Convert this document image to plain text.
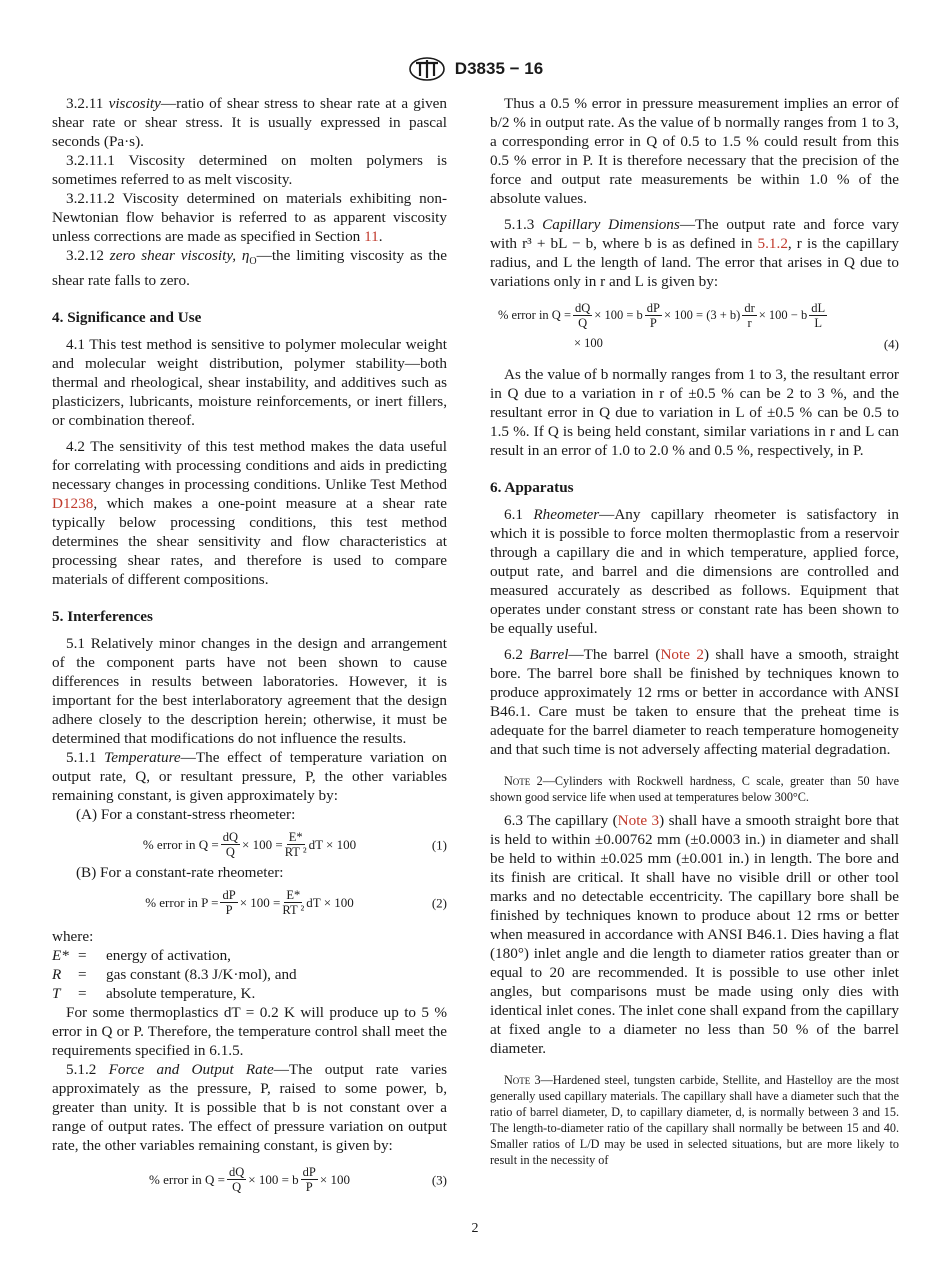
D3835 − 16

3.2.11 viscosity—ratio of shear stress to shear rate at a given shear rate or shear stress. It is usually expressed in pascal seconds (Pa·s).

3.2.11.1 Viscosity determined on molten polymers is sometimes referred to as melt viscosity.

3.2.11.2 Viscosity determined on materials exhibiting non-Newtonian flow behavior is referred to as apparent viscosity unless corrections are made as specified in Section 11.

3.2.12 zero shear viscosity, $\eta_O—the$ limiting viscosity as the shear rate falls to zero.

4. Significance and Use

4.1 This test method is sensitive to polymer molecular weight and molecular weight distribution, polymer stability—both thermal and rheological, shear instability, and additives such as plasticizers, lubricants, moisture reinforcements, or inert fillers, or combination thereof.

4.2 The sensitivity of this test method makes the data useful for correlating with processing conditions and aids in predicting necessary changes in processing conditions. Unlike Test Method D1238, which makes a one-point measure at a shear rate typically below processing conditions, this test method determines the shear sensitivity and flow characteristics at processing shear rates, and therefore is used to compare materials of different compositions.

5. Interferences

5.1 Relatively minor changes in the design and arrangement of the component parts have not been shown to cause differences in results between laboratories. However, it is important for the best interlaboratory agreement that the design adhere closely to the description herein; otherwise, it must be determined that modifications do not influence the results.

5.1.1 Temperature—The effect of temperature variation on output rate, Q, or resultant pressure, P, the other variables remaining constant, is given approximately by:

(A) For a constant-stress rheometer:

% error in $Q = \frac{dQ}{Q} \times 100 = \frac{E*}{\text{RT ²}}$ dT × 100	(1)

(B) For a constant-rate rheometer:

% error in $P = \frac{dP}{P} \times 100 = \frac{E*}{\text{RT ²}}$ dT × 100	(2)

where:

E* =	energy of activation,
R	=	gas constant (8.3 J/K·mol), and
T	=	absolute temperature, K.

For some thermoplastics dT = 0.2 K will produce up to 5 % error in Q or P. Therefore, the temperature control shall meet the requirements specified in 6.1.5.

5.1.2 Force and Output Rate—The output rate varies approximately as the pressure, P, raised to some power, b, greater than unity. It is possible that b is not constant over a range of output rates. The effect of pressure variation on output rate, the other variables remaining constant, is given by:

% error in $Q = \frac{dQ}{Q} \times 100 = b \frac{dP}{P} \times 100$	(3)

Thus a 0.5 % error in pressure measurement implies an error of b/2 % in output rate. As the value of b normally ranges from 1 to 3, a corresponding error in Q of 0.5 to 1.5 % could result from this 0.5 % error in P. It is therefore necessary that the precision of the force and output rate measurements be within 1.0 % of the absolute values.

5.1.3 Capillary Dimensions—The output rate and force vary with r³ + bL − b, where b is as defined in 5.1.2, r is the capillary radius, and L the length of land. The error that arises in Q due to variations only in r and L is given by:

% error in $Q = \frac{dQ}{Q} \times 100 = b \frac{dP}{P} \times 100 = (3 + b) \frac{dr}{r} \times 100 - b \frac{dL}{L}$
× 100	(4)

As the value of b normally ranges from 1 to 3, the resultant error in Q due to a variation in r of ±0.5 % can be 2 to 3 %, and the resultant error in Q due to variation in L of ±0.5 % can be 0.5 to 1.5 %. If Q is being held constant, similar variations in r and L can result in an error of 1.0 to 2.0 % and 0.5 %, respectively, in P.

6. Apparatus

6.1 Rheometer—Any capillary rheometer is satisfactory in which it is possible to force molten thermoplastic from a reservoir through a capillary die and in which temperature, applied force, output rate, and barrel and die dimensions are controlled and measured accurately as described as follows. Equipment that operates under constant stress or constant rate has been shown to be equally useful.

6.2 Barrel—The barrel (Note 2) shall have a smooth, straight bore. The barrel bore shall be finished by techniques known to produce approximately 12 rms or better in accordance with ANSI B46.1. Care must be taken to ensure that the preheat time is adequate for the barrel diameter to reach temperature homogeneity and that such time is not adversely affecting material degradation.

Note 2—Cylinders with Rockwell hardness, C scale, greater than 50 have shown good service life when used at temperatures below 300°C.

6.3 The capillary (Note 3) shall have a smooth straight bore that is held to within ±0.00762 mm (±0.0003 in.) in diameter and shall be held to within ±0.025 mm (±0.001 in.) in length. The bore and its finish are critical. It shall have no visible drill or other tool marks and no detectable eccentricity. The capillary bore shall be finished by techniques known to produce about 12 rms or better when measured in accordance with ANSI B46.1. Dies having a flat (180°) inlet angle and die length to diameter ratios greater than or equal to 20 are recommended. It is possible to use other inlet angles, but comparisons must be made using only dies with identical inlet cones. The inlet cone shall expand from the capillary at fixed angle to a diameter no less than 50 % of the barrel diameter.

Note 3—Hardened steel, tungsten carbide, Stellite, and Hastelloy are the most generally used capillary materials. The capillary shall have a diameter such that the ratio of barrel diameter, D, to capillary diameter, d, is normally between 3 and 15. The length-to-diameter ratio of the capillary shall normally be between 15 and 40. Smaller ratios of L/D may be used in selected situations, but are more likely to result in the necessity of

2
